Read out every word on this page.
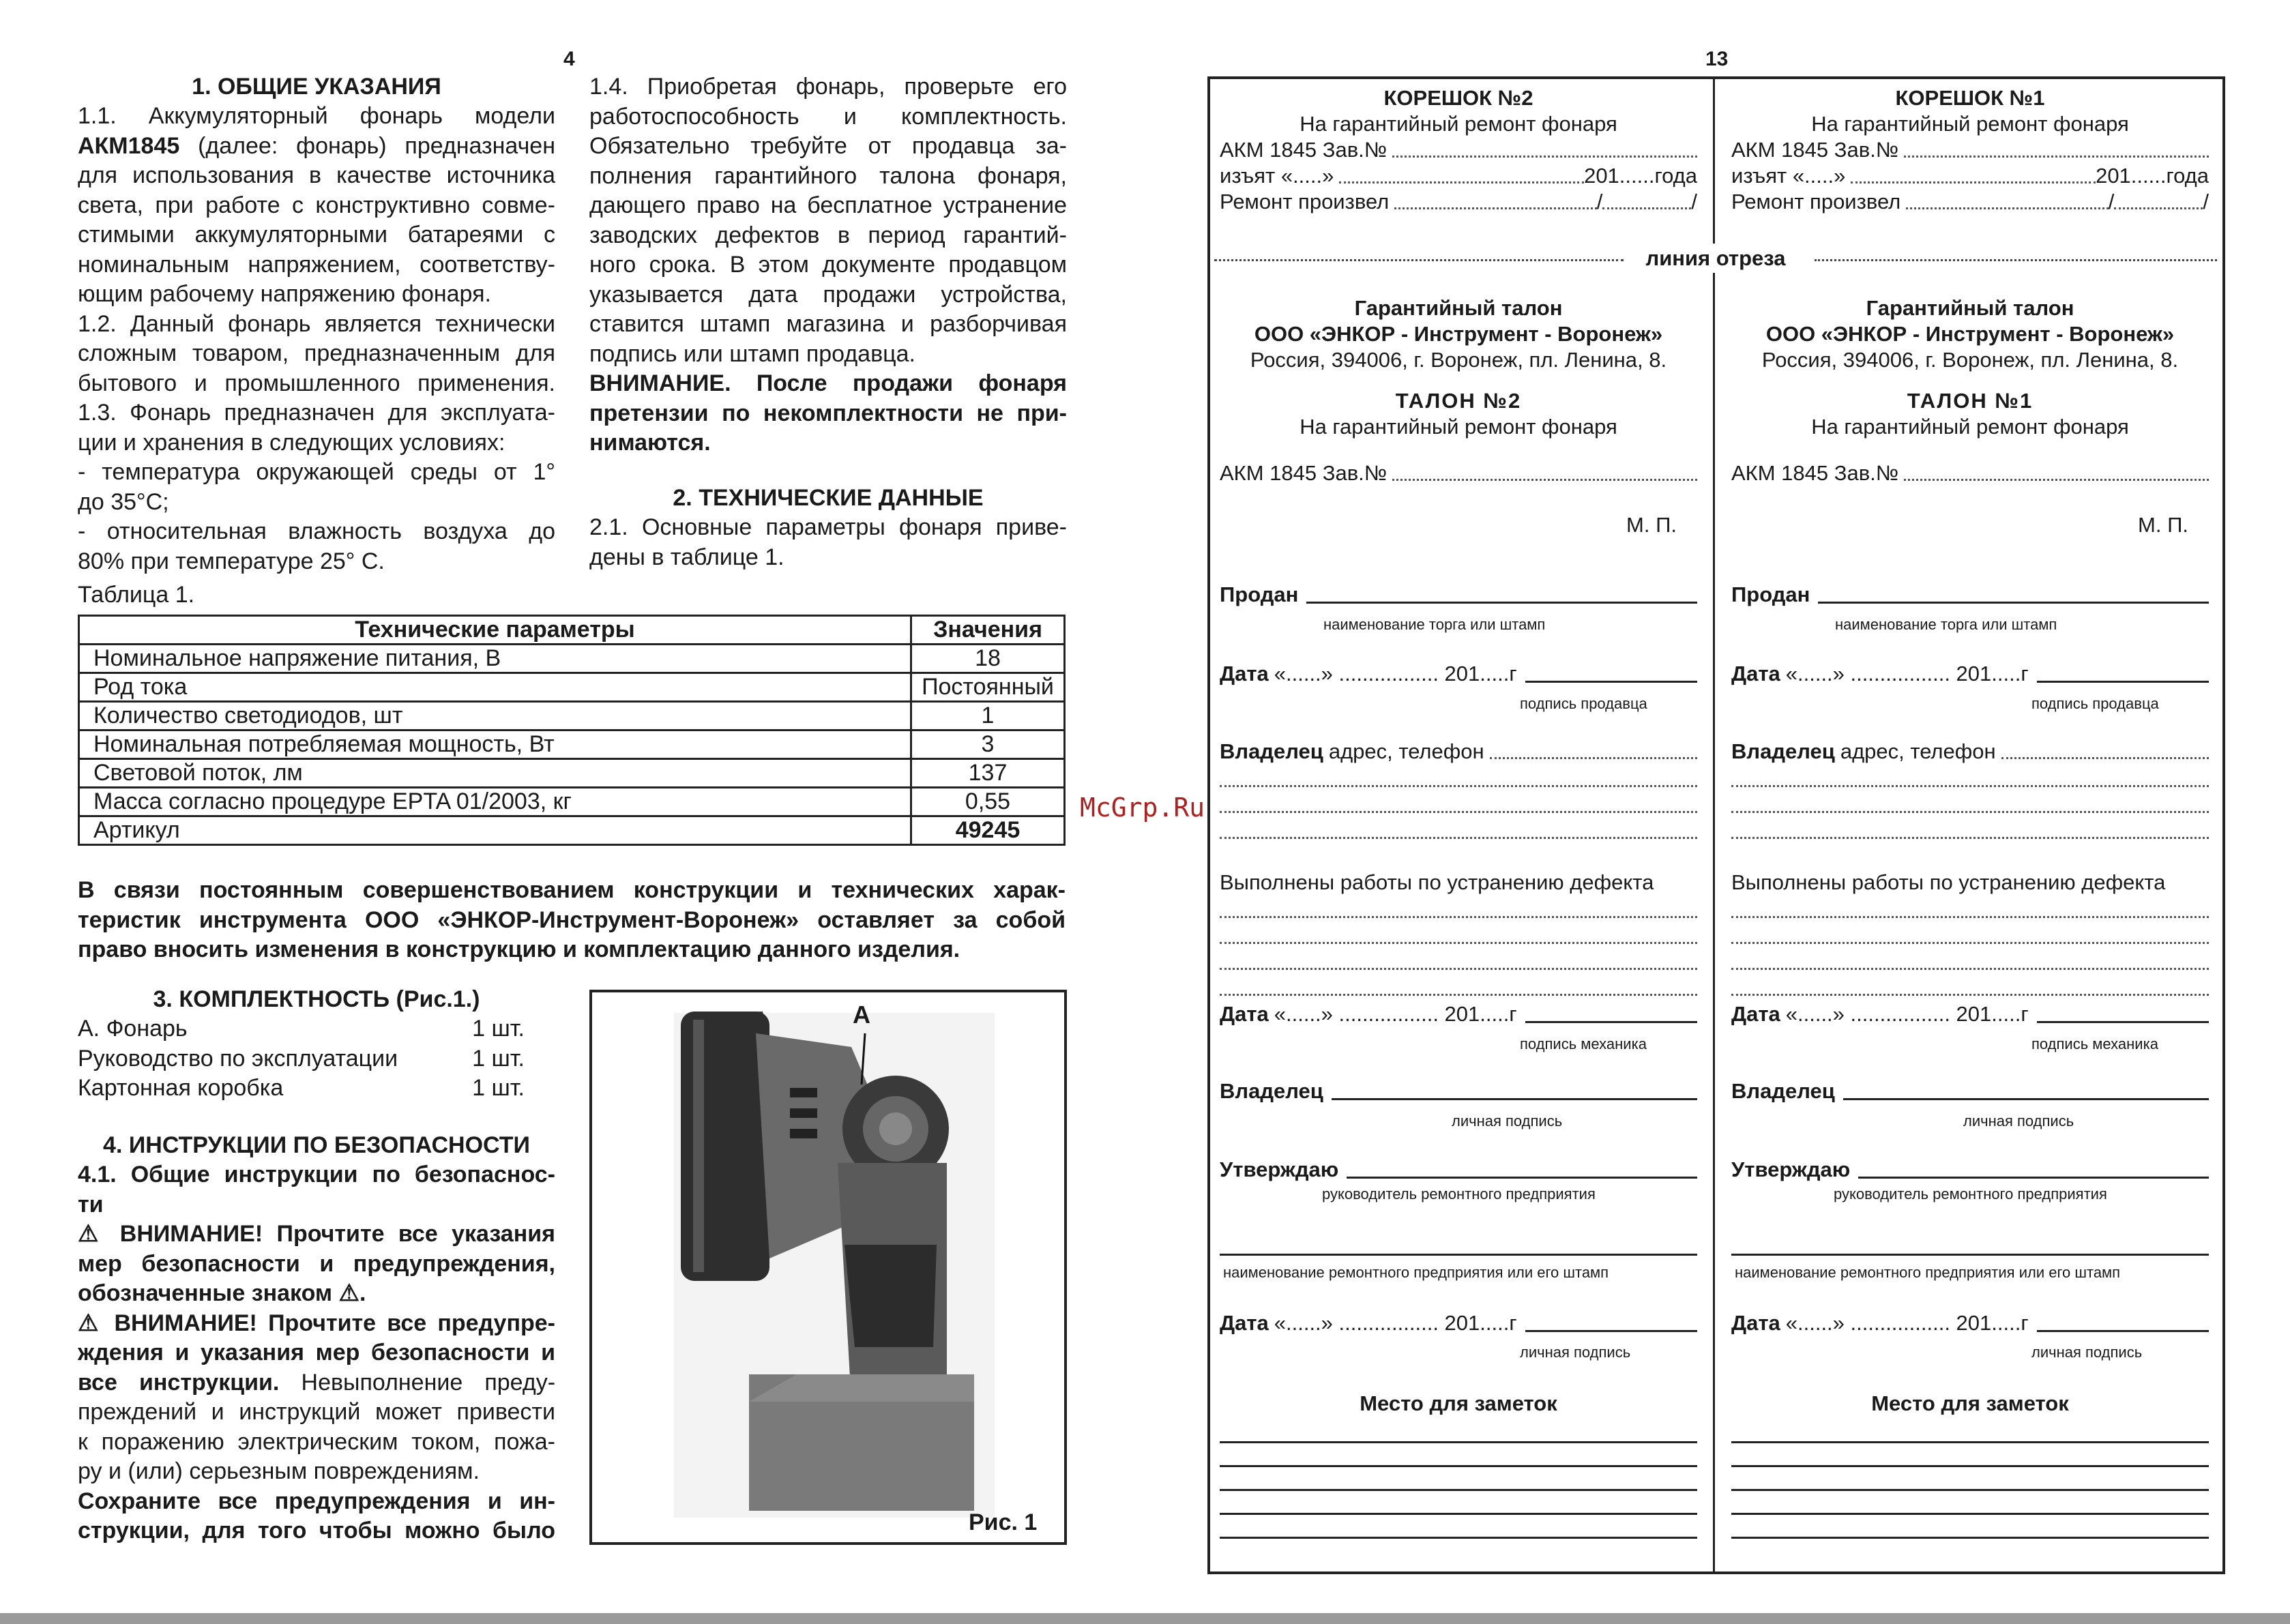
4
1. ОБЩИЕ УКАЗАНИЯ

1.1. Аккумуляторный фонарь модели

АКМ1845 (далее: фонарь) предназначен

для использования в качестве источника

света, при работе с конструктивно совме-

стимыми аккумуляторными батареями с

номинальным напряжением, соответству-

ющим рабочему напряжению фонаря.

1.2. Данный фонарь является технически

сложным товаром, предназначенным для

бытового и промышленного применения.

1.3. Фонарь предназначен для эксплуата-

ции и хранения в следующих условиях:

- температура окружающей среды от 1°

до 35°С;

- относительная влажность воздуха до

80% при температуре 25° С.

1.4. Приобретая фонарь, проверьте его

работоспособность и комплектность.

Обязательно требуйте от продавца за-

полнения гарантийного талона фонаря,

дающего право на бесплатное устранение

заводских дефектов в период гарантий-

ного срока. В этом документе продавцом

указывается дата продажи устройства,

ставится штамп магазина и разборчивая

подпись или штамп продавца.

ВНИМАНИЕ. После продажи фонаря

претензии по некомплектности не при-

нимаются.

2. ТЕХНИЧЕСКИЕ ДАННЫЕ

2.1. Основные параметры фонаря приве-

дены в таблице 1.

Таблица 1.
Технические параметры	Значения
Номинальное напряжение питания, В	18
Род тока	Постоянный
Количество светодиодов, шт	1
Номинальная потребляемая мощность, Вт	3
Световой поток, лм	137
Масса согласно процедуре EPTA 01/2003, кг	0,55
Артикул	49245
McGrp.Ru

В связи постоянным совершенствованием конструкции и технических харак-

теристик инструмента ООО «ЭНКОР-Инструмент-Воронеж» оставляет за собой

право вносить изменения в конструкцию и комплектацию данного изделия.

3. КОМПЛЕКТНОСТЬ (Рис.1.)
А. Фонарь	1 шт.
Руководство по эксплуатации	1 шт.
Картонная коробка	1 шт.
4. ИНСТРУКЦИИ ПО БЕЗОПАСНОСТИ

4.1. Общие инструкции по безопаснос-

ти

⚠ ВНИМАНИЕ! Прочтите все указания

мер безопасности и предупреждения,

обозначенные знаком ⚠.

⚠ ВНИМАНИЕ! Прочтите все предупре-

ждения и указания мер безопасности и

все инструкции. Невыполнение преду-

преждений и инструкций может привести

к поражению электрическим током, пожа-

ру и (или) серьезным повреждениям.

Сохраните все предупреждения и ин-

струкции, для того чтобы можно было

A
Рис. 1
13
линия отреза
КОРЕШОК №2
На гарантийный ремонт фонаря
АКМ 1845 Зав.№
изъят «.....»	201......года
Ремонт произвел	/	/
КОРЕШОК №1
На гарантийный ремонт фонаря
АКМ 1845 Зав.№
изъят «.....»	201......года
Ремонт произвел	/	/
Гарантийный талон
ООО «ЭНКОР - Инструмент - Воронеж»
Россия, 394006, г. Воронеж, пл. Ленина, 8.
ТАЛОН №2
На гарантийный ремонт фонаря
АКМ 1845 Зав.№
М. П.
Продан
наименование торга или штамп
Дата «......» ................. 201.....г
подпись продавца
Владелец адрес, телефон
Выполнены работы по устранению дефекта
Дата «......» ................. 201.....г
подпись механика
Владелец
личная подпись
Утверждаю
руководитель ремонтного предприятия
наименование ремонтного предприятия или его штамп
Дата «......» ................. 201.....г
личная подпись
Место для заметок
Гарантийный талон
ООО «ЭНКОР - Инструмент - Воронеж»
Россия, 394006, г. Воронеж, пл. Ленина, 8.
ТАЛОН №1
На гарантийный ремонт фонаря
АКМ 1845 Зав.№
М. П.
Продан
наименование торга или штамп
Дата «......» ................. 201.....г
подпись продавца
Владелец адрес, телефон
Выполнены работы по устранению дефекта
Дата «......» ................. 201.....г
подпись механика
Владелец
личная подпись
Утверждаю
руководитель ремонтного предприятия
наименование ремонтного предприятия или его штамп
Дата «......» ................. 201.....г
личная подпись
Место для заметок
